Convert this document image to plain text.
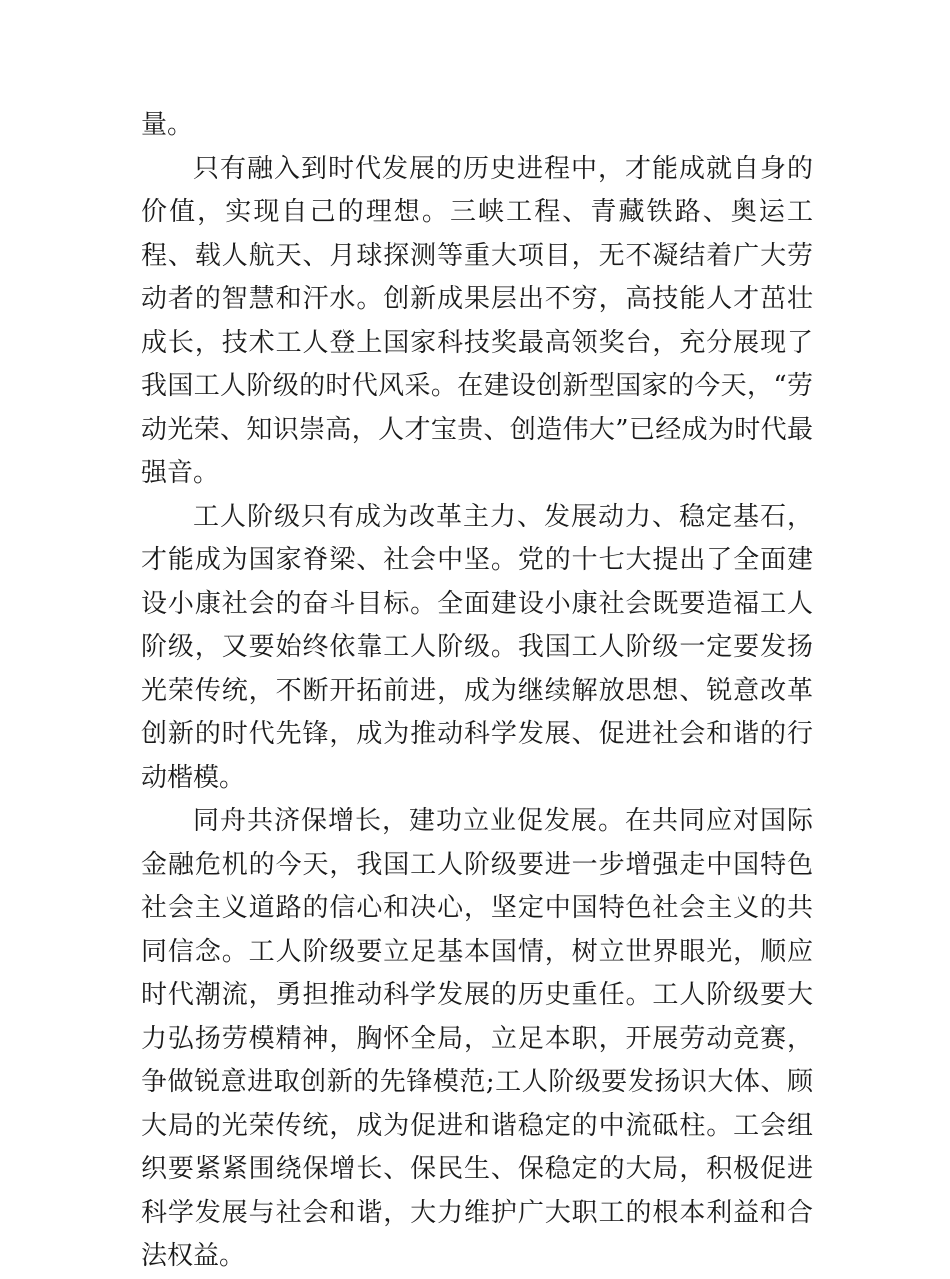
量。

只有融入到时代发展的历史进程中，才能成就自身的价值，实现自己的理想。三峡工程、青藏铁路、奥运工程、载人航天、月球探测等重大项目，无不凝结着广大劳动者的智慧和汗水。创新成果层出不穷，高技能人才茁壮成长，技术工人登上国家科技奖最高领奖台，充分展现了我国工人阶级的时代风采。在建设创新型国家的今天，“劳动光荣、知识崇高，人才宝贵、创造伟大”已经成为时代最强音。

工人阶级只有成为改革主力、发展动力、稳定基石，才能成为国家脊梁、社会中坚。党的十七大提出了全面建设小康社会的奋斗目标。全面建设小康社会既要造福工人阶级，又要始终依靠工人阶级。我国工人阶级一定要发扬光荣传统，不断开拓前进，成为继续解放思想、锐意改革创新的时代先锋，成为推动科学发展、促进社会和谐的行动楷模。

同舟共济保增长，建功立业促发展。在共同应对国际金融危机的今天，我国工人阶级要进一步增强走中国特色社会主义道路的信心和决心，坚定中国特色社会主义的共同信念。工人阶级要立足基本国情，树立世界眼光，顺应时代潮流，勇担推动科学发展的历史重任。工人阶级要大力弘扬劳模精神，胸怀全局，立足本职，开展劳动竞赛，争做锐意进取创新的先锋模范;工人阶级要发扬识大体、顾大局的光荣传统，成为促进和谐稳定的中流砥柱。工会组织要紧紧围绕保增长、保民生、保稳定的大局，积极促进科学发展与社会和谐，大力维护广大职工的根本利益和合法权益。
